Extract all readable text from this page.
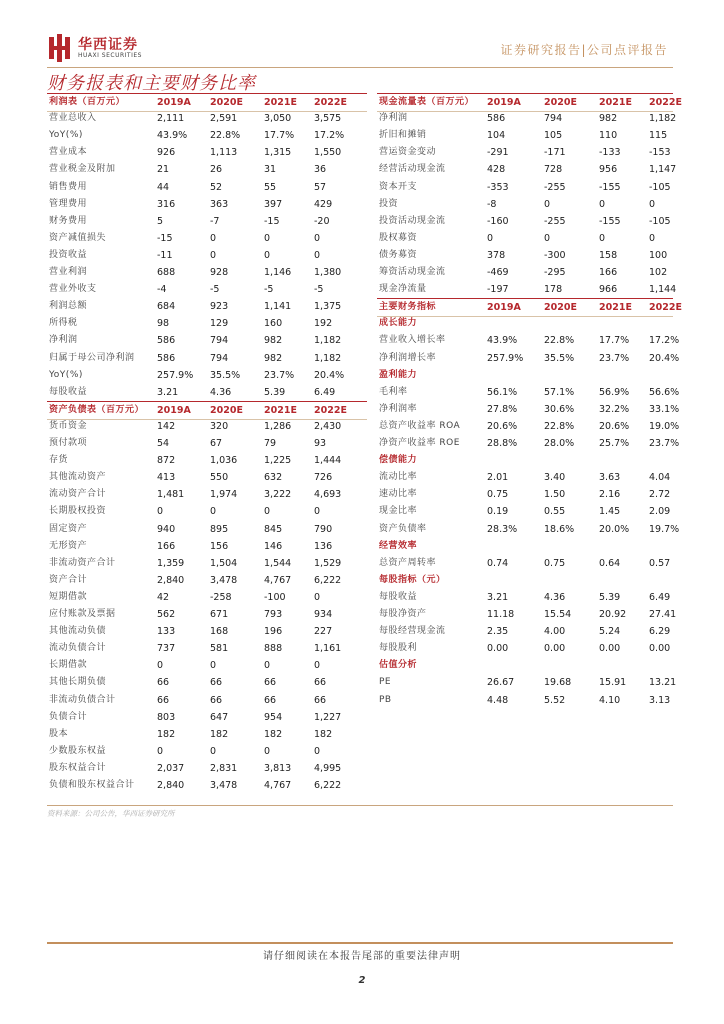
华西证券
HUAXI SECURITIES	证券研究报告|公司点评报告
财务报表和主要财务比率
利润表（百万元）	2019A 2020E 2021E 2022E
营业总收入	2,111	2,591	3,050 3,575
YoY(%)	43.9% 22.8%	17.7% 17.2%
营业成本	926	1,113	1,315 1,550
营业税金及附加	21	26	31	36
销售费用	44	52	55	57
管理费用	316	363	397	429
财务费用	5	-7	-15	-20
资产减值损失	-15	0	0	0
投资收益	-11	0	0	0
营业利润	688	928	1,146 1,380
营业外收支	-4	-5	-5	-5
利润总额	684	923	1,141 1,375
所得税	98	129	160	192
净利润	586	794	982	1,182
归属于母公司净利润 586	794	982	1,182
YoY(%)	257.9% 35.5%	23.7% 20.4%
每股收益	3.21	4.36	5.39	6.49
资产负债表（百万元） 2019A 2020E 2021E 2022E
货币资金	142	320	1,286 2,430
预付款项	54	67	79	93
存货	872	1,036	1,225 1,444
其他流动资产	413	550	632	726
流动资产合计	1,481	1,974	3,222 4,693
长期股权投资	0	0	0	0
固定资产	940	895	845	790
无形资产	166	156	146	136
非流动资产合计	1,359	1,504	1,544 1,529
资产合计	2,840	3,478	4,767 6,222
短期借款	42	-258	-100	0
应付账款及票据	562	671	793	934
其他流动负债	133	168	196	227
流动负债合计	737	581	888	1,161
长期借款	0	0	0	0
其他长期负债	66	66	66	66
非流动负债合计	66	66	66	66
负债合计	803	647	954	1,227
股本	182	182	182	182
少数股东权益	0	0	0	0
股东权益合计	2,037	2,831	3,813 4,995
负债和股东权益合计 2,840	3,478	4,767 6,222
现金流量表（百万元） 2019A 2020E 2021E 2022E
净利润	586	794	982	1,182
折旧和摊销	104	105	110	115
营运资金变动	-291	-171	-133	-153
经营活动现金流	428	728	956	1,147
资本开支	-353	-255	-155	-105
投资	-8	0	0	0
投资活动现金流	-160	-255	-155	-105
股权募资	0	0	0	0
债务募资	378	-300	158	100
筹资活动现金流	-469	-295	166	102
现金净流量	-197	178	966	1,144
主要财务指标	2019A 2020E 2021E 2022E
成长能力
营业收入增长率	43.9%	22.8%	17.7% 17.2%
净利润增长率	257.9% 35.5%	23.7% 20.4%
盈利能力
毛利率	56.1%	57.1%	56.9% 56.6%
净利润率	27.8%	30.6%	32.2% 33.1%
总资产收益率 ROA	20.6%	22.8%	20.6% 19.0%
净资产收益率 ROE	28.8%	28.0%	25.7% 23.7%
偿债能力
流动比率	2.01	3.40	3.63	4.04
速动比率	0.75	1.50	2.16	2.72
现金比率	0.19	0.55	1.45	2.09
资产负债率	28.3%	18.6%	20.0% 19.7%
经营效率
总资产周转率	0.74	0.75	0.64	0.57
每股指标（元）
每股收益	3.21	4.36	5.39	6.49
每股净资产	11.18	15.54	20.92 27.41
每股经营现金流	2.35	4.00	5.24	6.29
每股股利	0.00	0.00	0.00	0.00
估值分析
PE	26.67	19.68	15.91 13.21
PB	4.48	5.52	4.10	3.13
资料来源：公司公告，华西证券研究所
请仔细阅读在本报告尾部的重要法律声明
2
